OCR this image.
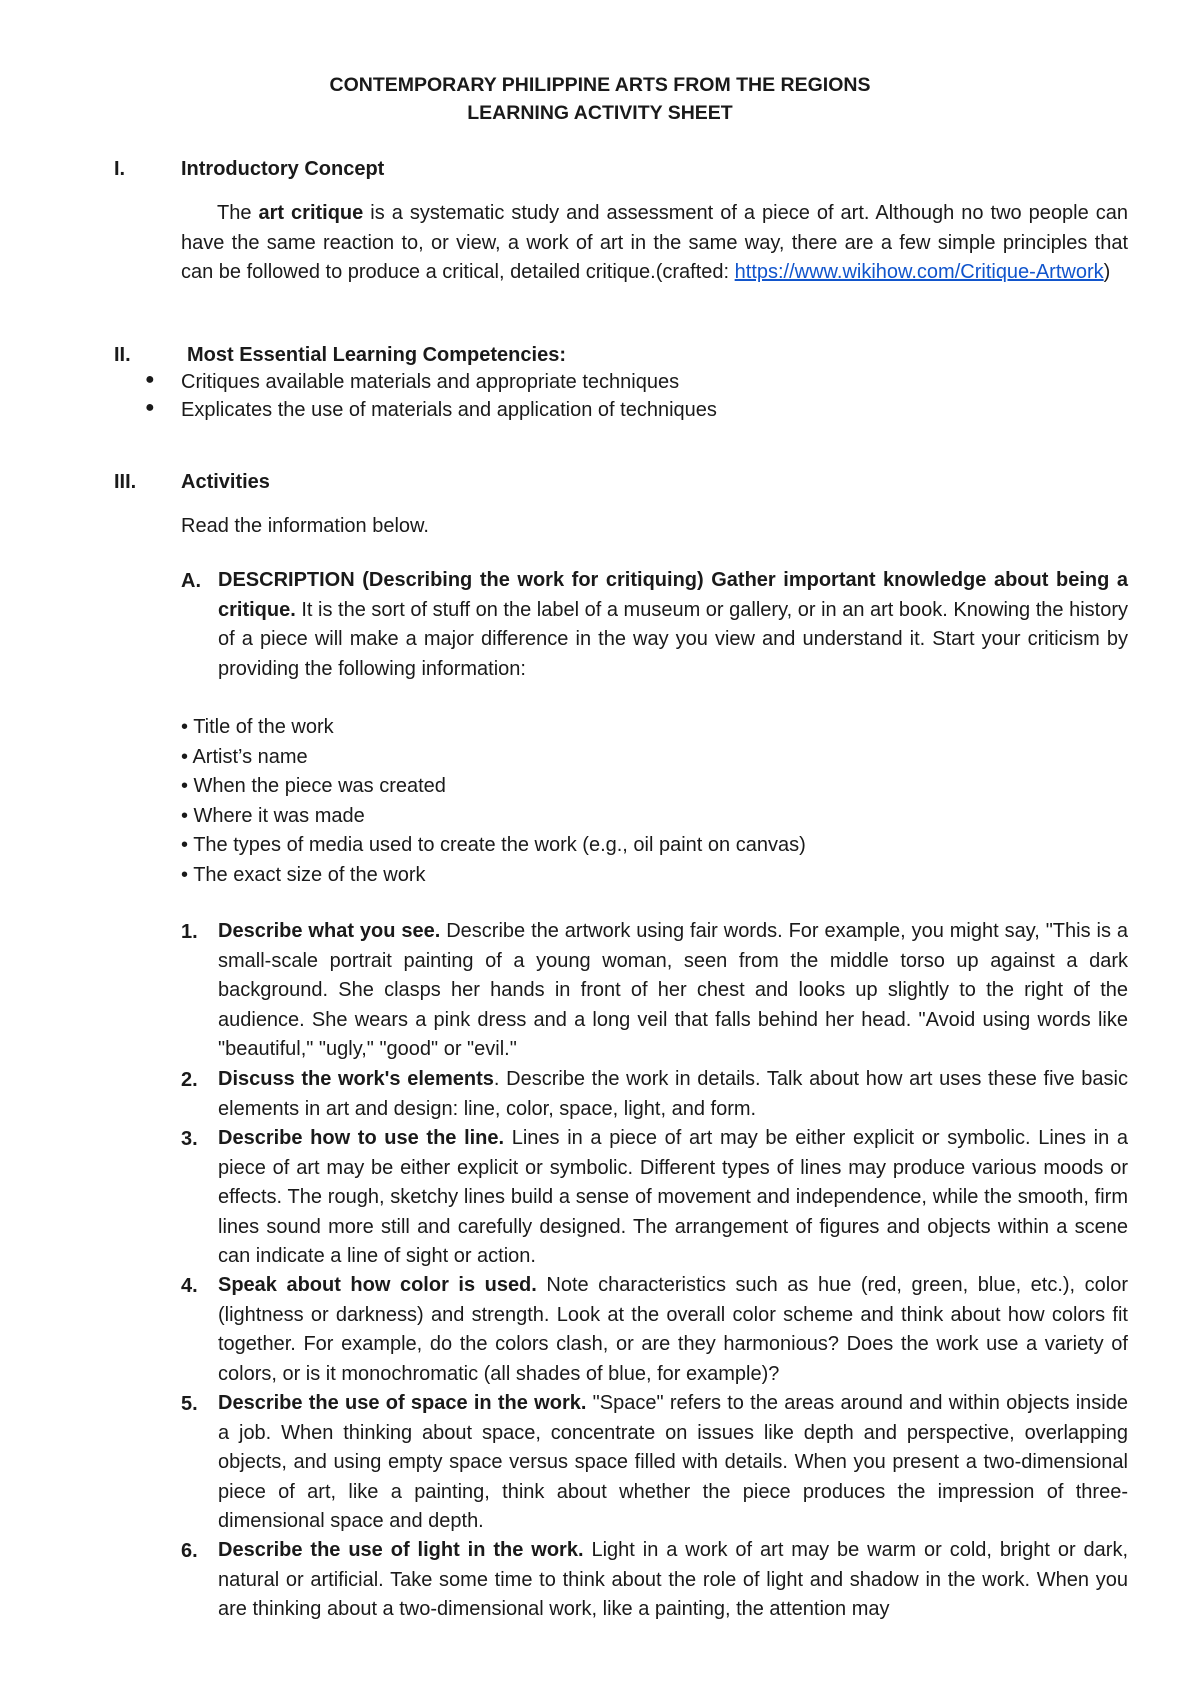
CONTEMPORARY PHILIPPINE ARTS FROM THE REGIONS
LEARNING ACTIVITY SHEET
I.	Introductory Concept
The art critique is a systematic study and assessment of a piece of art. Although no two people can have the same reaction to, or view, a work of art in the same way, there are a few simple principles that can be followed to produce a critical, detailed critique.(crafted: https://www.wikihow.com/Critique-Artwork)
II.	Most Essential Learning Competencies:
● Critiques available materials and appropriate techniques
● Explicates the use of materials and application of techniques
III. Activities
Read the information below.
A. DESCRIPTION (Describing the work for critiquing) Gather important knowledge about being a critique. It is the sort of stuff on the label of a museum or gallery, or in an art book. Knowing the history of a piece will make a major difference in the way you view and understand it. Start your criticism by providing the following information:
• Title of the work
• Artist’s name
• When the piece was created
• Where it was made
• The types of media used to create the work (e.g., oil paint on canvas)
• The exact size of the work
1. Describe what you see. Describe the artwork using fair words. For example, you might say, "This is a small-scale portrait painting of a young woman, seen from the middle torso up against a dark background. She clasps her hands in front of her chest and looks up slightly to the right of the audience. She wears a pink dress and a long veil that falls behind her head. "Avoid using words like "beautiful," "ugly," "good" or "evil."
2. Discuss the work's elements. Describe the work in details. Talk about how art uses these five basic elements in art and design: line, color, space, light, and form.
3. Describe how to use the line. Lines in a piece of art may be either explicit or symbolic. Lines in a piece of art may be either explicit or symbolic. Different types of lines may produce various moods or effects. The rough, sketchy lines build a sense of movement and independence, while the smooth, firm lines sound more still and carefully designed. The arrangement of figures and objects within a scene can indicate a line of sight or action.
4. Speak about how color is used. Note characteristics such as hue (red, green, blue, etc.), color (lightness or darkness) and strength. Look at the overall color scheme and think about how colors fit together. For example, do the colors clash, or are they harmonious? Does the work use a variety of colors, or is it monochromatic (all shades of blue, for example)?
5. Describe the use of space in the work. "Space" refers to the areas around and within objects inside a job. When thinking about space, concentrate on issues like depth and perspective, overlapping objects, and using empty space versus space filled with details. When you present a two-dimensional piece of art, like a painting, think about whether the piece produces the impression of three-dimensional space and depth.
6. Describe the use of light in the work. Light in a work of art may be warm or cold, bright or dark, natural or artificial. Take some time to think about the role of light and shadow in the work. When you are thinking about a two-dimensional work, like a painting, the attention may
